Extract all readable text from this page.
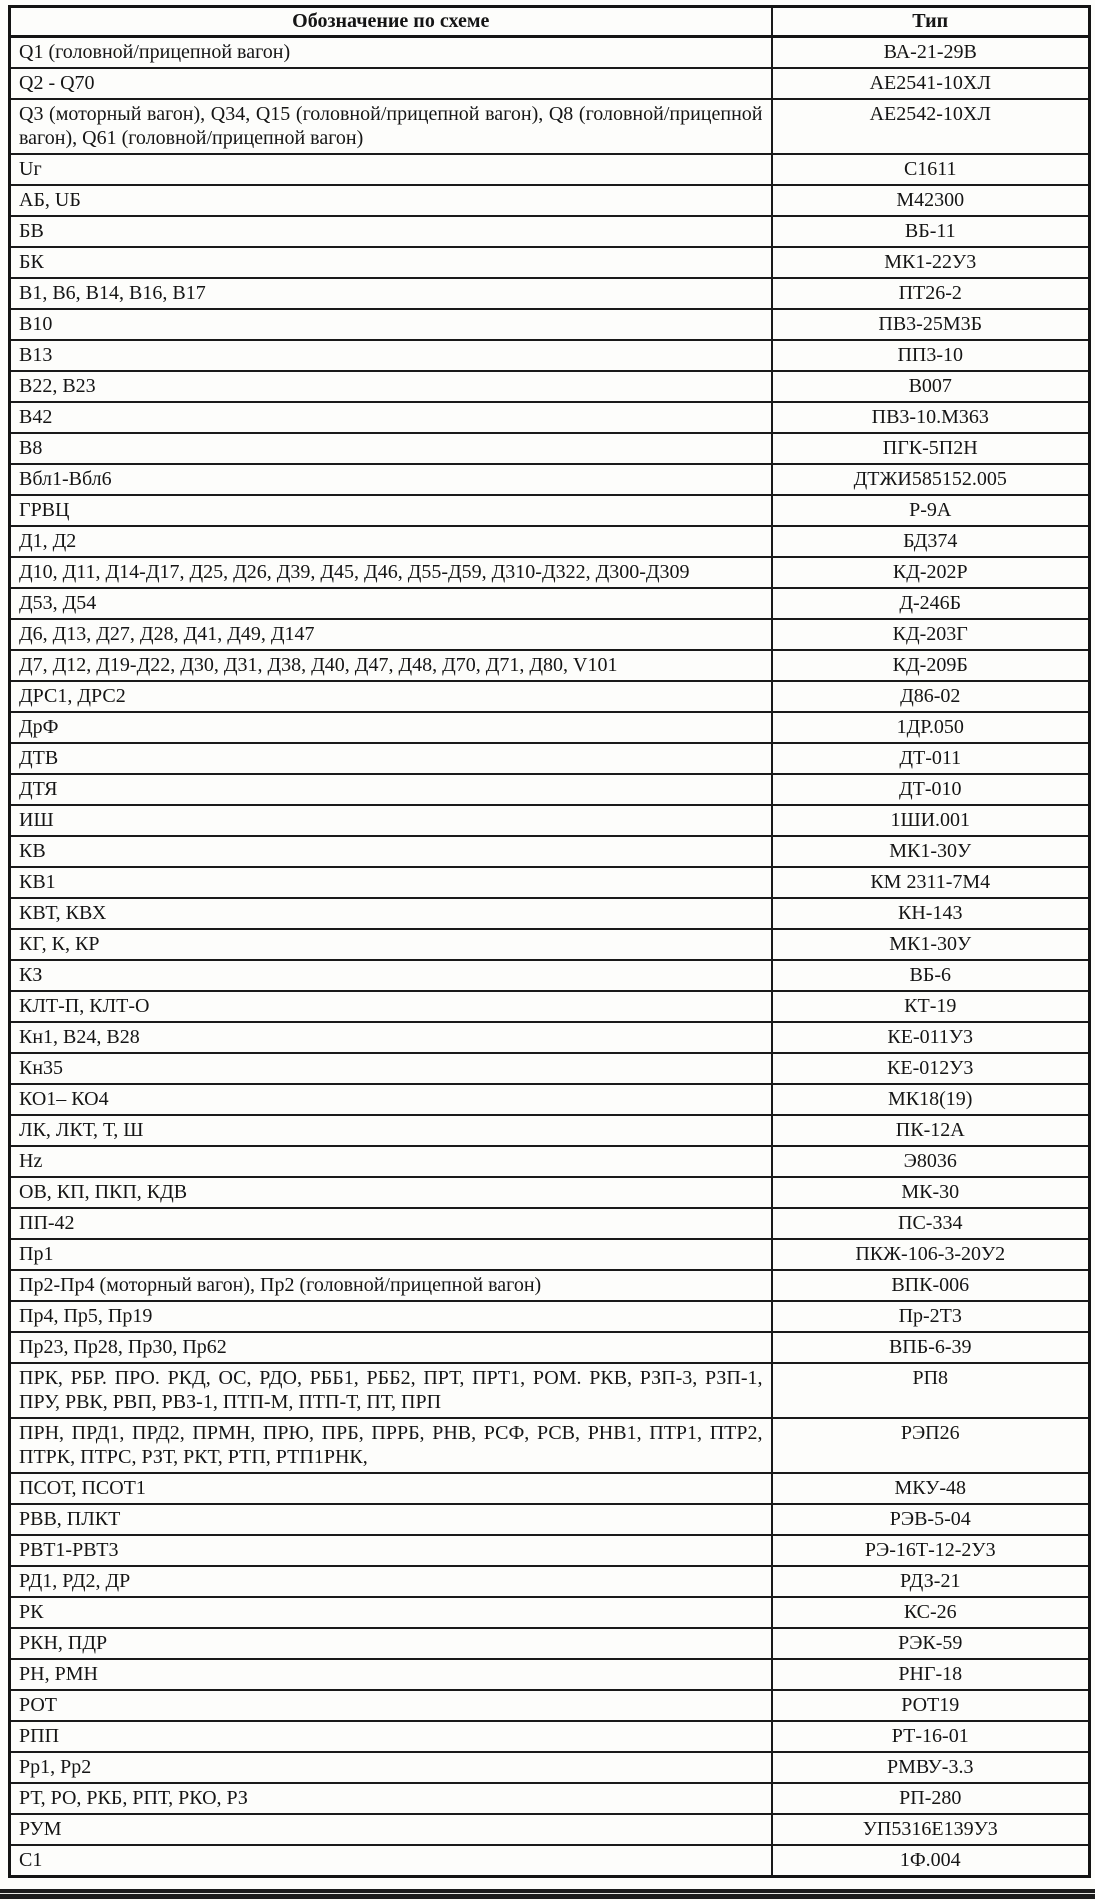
Обозначение по схеме	Тип
Q1 (головной/прицепной вагон)	ВА-21-29В
Q2 - Q70	АЕ2541-10ХЛ
Q3 (моторный вагон), Q34, Q15 (головной/прицепной вагон), Q8 (головной/прицепной вагон), Q61 (головной/прицепной вагон)	АЕ2542-10ХЛ
Uг	С1611
АБ, UБ	М42300
БВ	ВБ-11
БК	МК1-22У3
В1, В6, В14, В16, В17	ПТ26-2
В10	ПВ3-25М3Б
В13	ПП3-10
В22, В23	В007
В42	ПВ3-10.М363
В8	ПГК-5П2Н
Вбл1-Вбл6	ДТЖИ585152.005
ГРВЦ	Р-9А
Д1, Д2	БД374
Д10, Д11, Д14-Д17, Д25, Д26, Д39, Д45, Д46, Д55-Д59, Д310-Д322, Д300-Д309	КД-202Р
Д53, Д54	Д-246Б
Д6, Д13, Д27, Д28, Д41, Д49, Д147	КД-203Г
Д7, Д12, Д19-Д22, Д30, Д31, Д38, Д40, Д47, Д48, Д70, Д71, Д80, V101	КД-209Б
ДРС1, ДРС2	Д86-02
ДрФ	1ДР.050
ДТВ	ДТ-011
ДТЯ	ДТ-010
ИШ	1ШИ.001
КВ	МК1-30У
КВ1	КМ 2311-7М4
КВТ, КВХ	КН-143
КГ, К, КР	МК1-30У
КЗ	ВБ-6
КЛТ-П, КЛТ-О	КТ-19
Кн1, В24, В28	КЕ-011У3
Кн35	КЕ-012У3
КО1– КО4	МК18(19)
ЛК, ЛКТ, Т, Ш	ПК-12А
Hz	Э8036
ОВ, КП, ПКП, КДВ	МК-30
ПП-42	ПС-334
Пр1	ПКЖ-106-3-20У2
Пр2-Пр4 (моторный вагон), Пр2 (головной/прицепной вагон)	ВПК-006
Пр4, Пр5, Пр19	Пр-2Т3
Пр23, Пр28, Пр30, Пр62	ВПБ-6-39
ПРК, РБР. ПРО. РКД, ОС, РДО, РББ1, РББ2, ПРТ, ПРТ1, РОМ. РКВ, РЗП-3, РЗП-1, ПРУ, РВК, РВП, РВЗ-1, ПТП-М, ПТП-Т, ПТ, ПРП	РП8
ПРН, ПРД1, ПРД2, ПРМН, ПРЮ, ПРБ, ПРРБ, РНВ, РСФ, РСВ, РНВ1, ПТР1, ПТР2, ПТРК, ПТРС, РЗТ, РКТ, РТП, РТП1РНК,	РЭП26
ПСОТ, ПСОТ1	МКУ-48
РВВ, ПЛКТ	РЭВ-5-04
РВТ1-РВТ3	РЭ-16Т-12-2У3
РД1, РД2, ДР	РДЗ-21
РК	КС-26
РКН, ПДР	РЭК-59
РН, РМН	РНГ-18
РОТ	РОТ19
РПП	РТ-16-01
Рр1, Рр2	РМВУ-3.3
РТ, РО, РКБ, РПТ, РКО, РЗ	РП-280
РУМ	УП5316Е139У3
С1	1Ф.004
